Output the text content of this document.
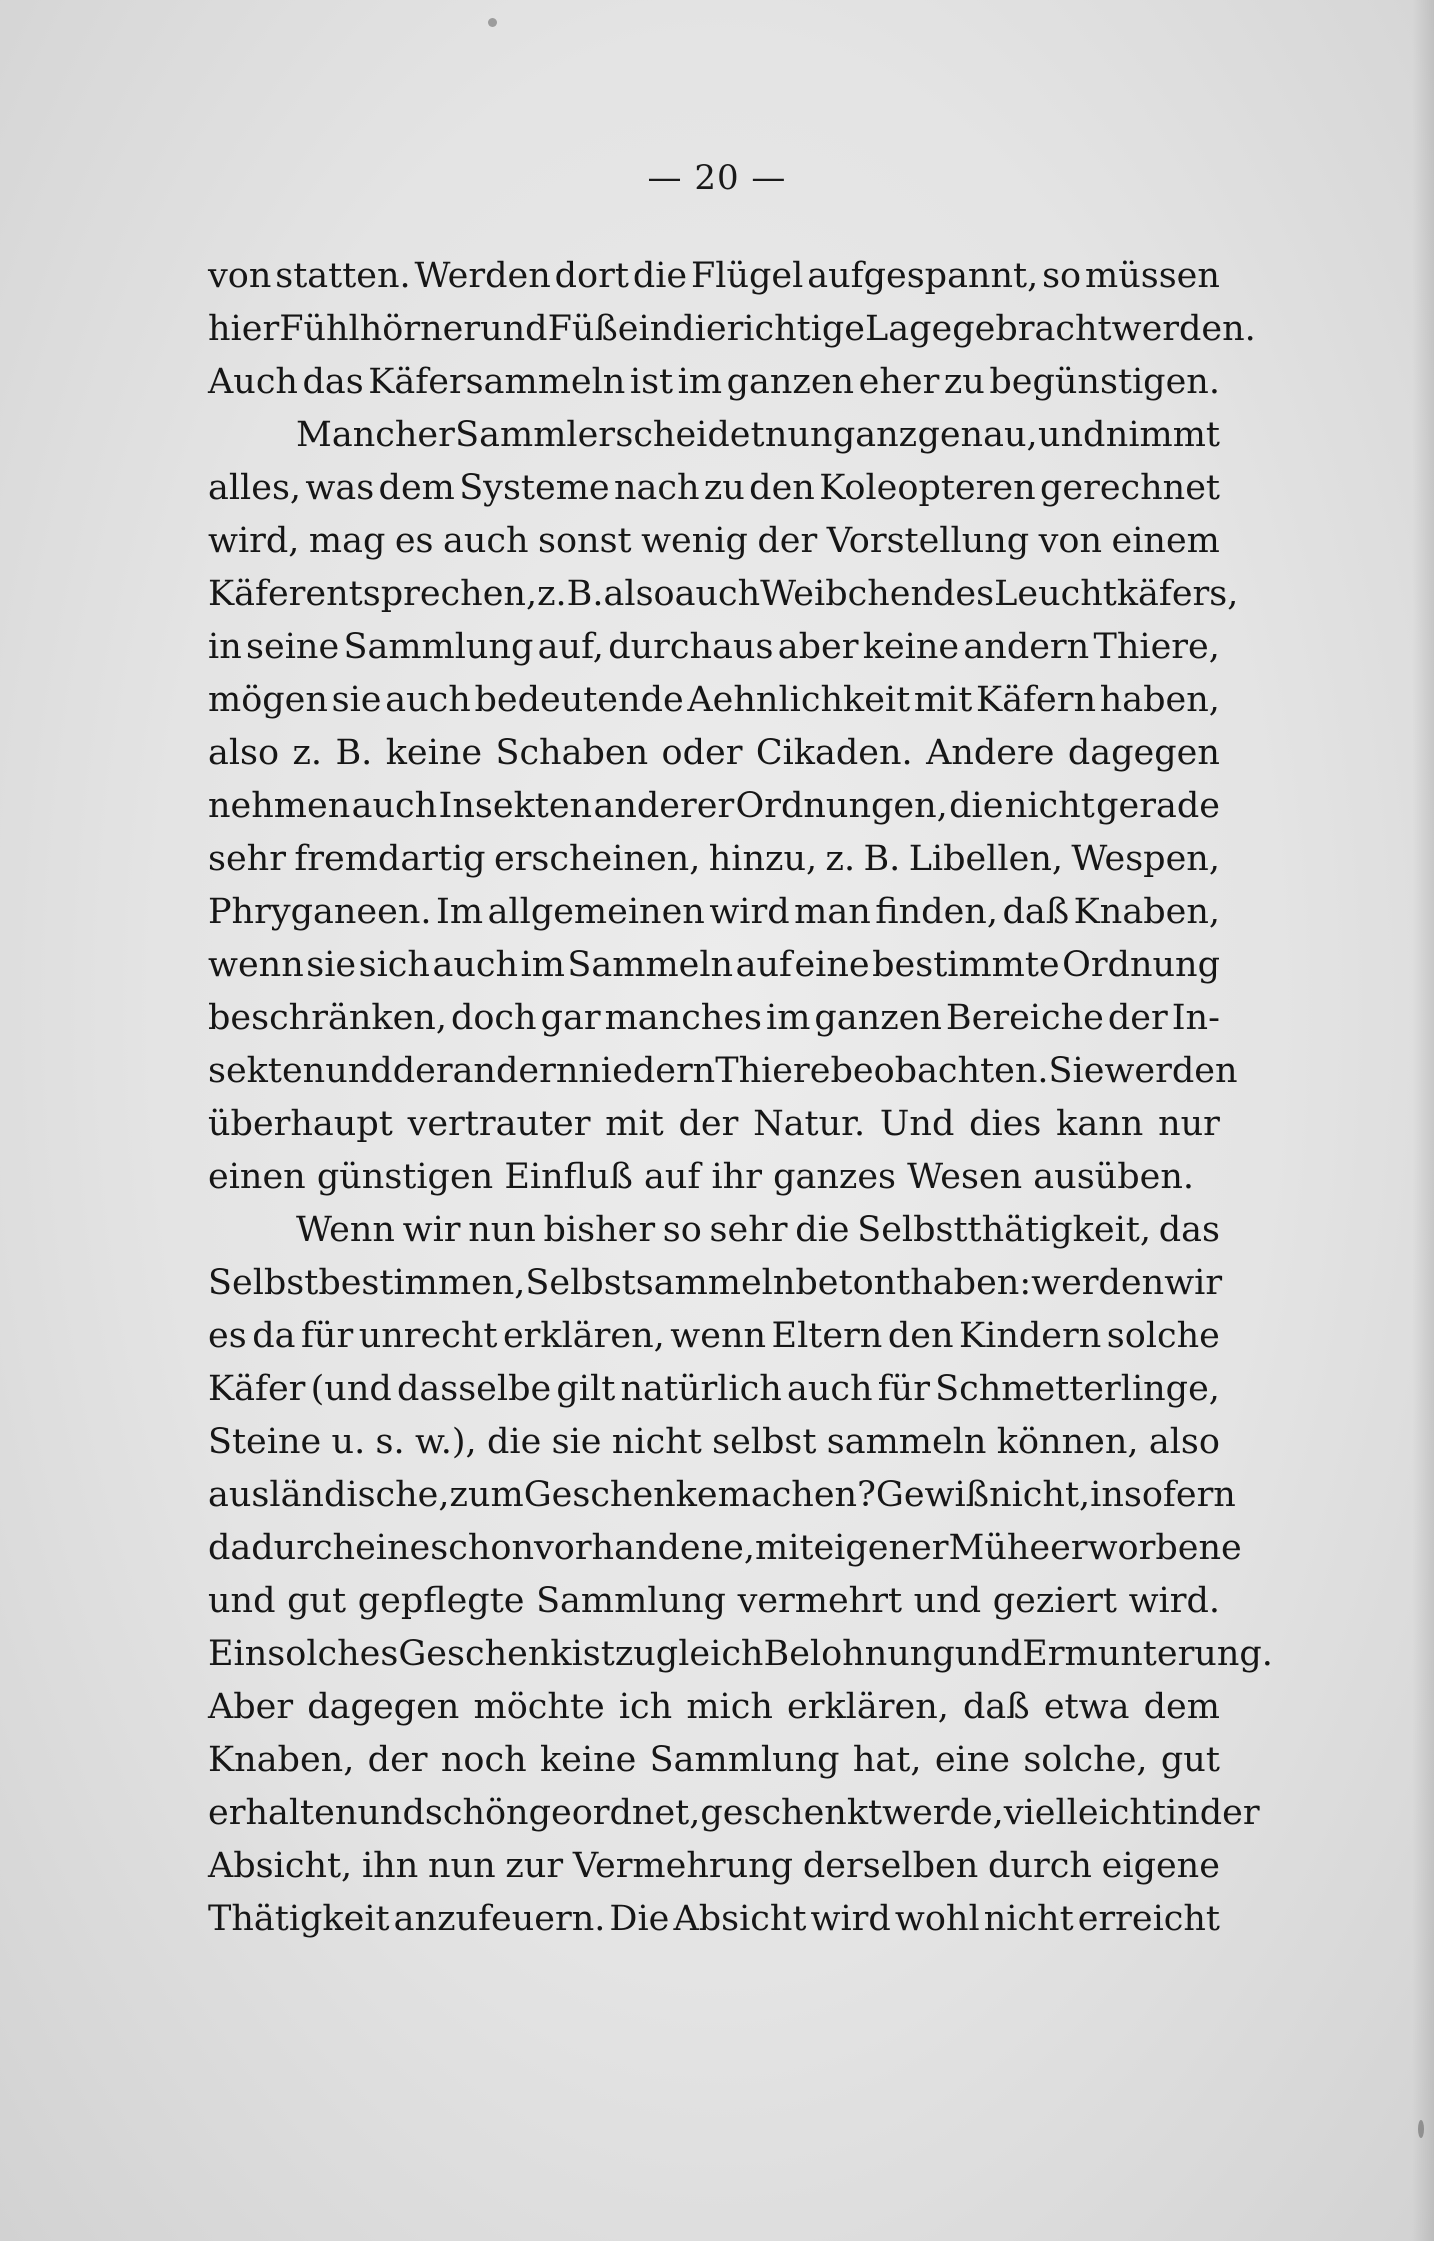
— 20 —
von statten. Werden dort die Flügel aufgespannt, so müssen
hier Fühlhörner und Füße in die richtige Lage gebracht werden.
Auch das Käfersammeln ist im ganzen eher zu begünstigen.
Mancher Sammler scheidet nun ganz genau, und nimmt
alles, was dem Systeme nach zu den Koleopteren gerechnet
wird, mag es auch sonst wenig der Vorstellung von einem
Käfer entsprechen, z. B. also auch Weibchen des Leuchtkäfers,
in seine Sammlung auf, durchaus aber keine andern Thiere,
mögen sie auch bedeutende Aehnlichkeit mit Käfern haben,
also z. B. keine Schaben oder Cikaden. Andere dagegen
nehmen auch Insekten anderer Ordnungen, die nicht gerade
sehr fremdartig erscheinen, hinzu, z. B. Libellen, Wespen,
Phryganeen. Im allgemeinen wird man finden, daß Knaben,
wenn sie sich auch im Sammeln auf eine bestimmte Ordnung
beschränken, doch gar manches im ganzen Bereiche der In-
sekten und der andern niedern Thiere beobachten. Sie werden
überhaupt vertrauter mit der Natur. Und dies kann nur
einen günstigen Einfluß auf ihr ganzes Wesen ausüben.
Wenn wir nun bisher so sehr die Selbstthätigkeit, das
Selbstbestimmen, Selbstsammeln betont haben: werden wir
es da für unrecht erklären, wenn Eltern den Kindern solche
Käfer (und dasselbe gilt natürlich auch für Schmetterlinge,
Steine u. s. w.), die sie nicht selbst sammeln können, also
ausländische, zum Geschenke machen? Gewiß nicht, insofern
dadurch eine schon vorhandene, mit eigener Mühe erworbene
und gut gepflegte Sammlung vermehrt und geziert wird.
Ein solches Geschenk ist zugleich Belohnung und Ermunterung.
Aber dagegen möchte ich mich erklären, daß etwa dem
Knaben, der noch keine Sammlung hat, eine solche, gut
erhalten und schön geordnet, geschenkt werde, vielleicht in der
Absicht, ihn nun zur Vermehrung derselben durch eigene
Thätigkeit anzufeuern. Die Absicht wird wohl nicht erreicht
